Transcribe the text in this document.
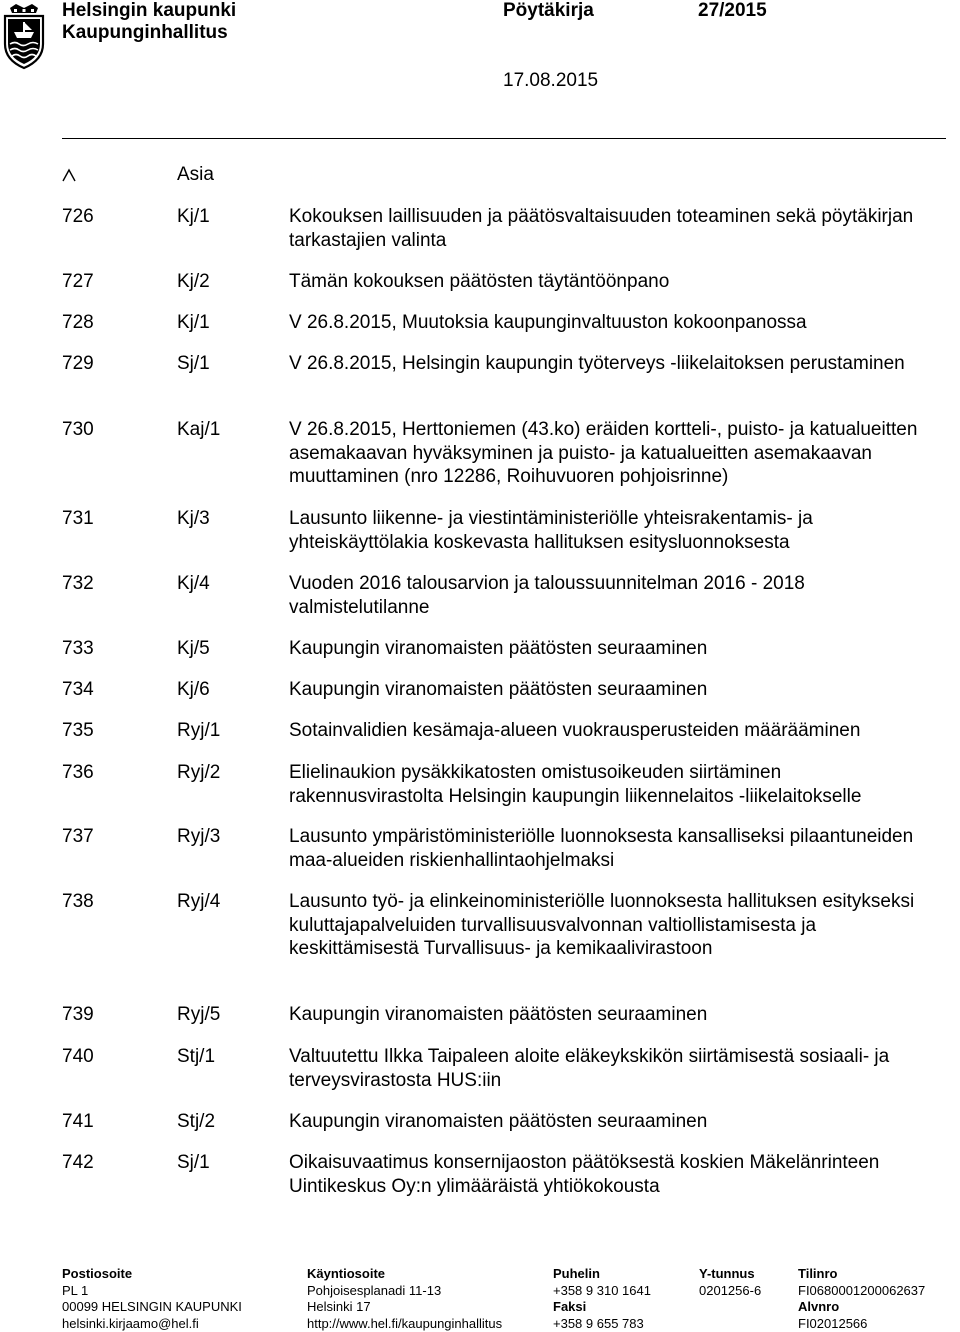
Helsingin kaupunki
Kaupunginhallitus
Pöytäkirja	27/2015
17.08.2015
Asia
726	Kj/1	Kokouksen laillisuuden ja päätösvaltaisuuden toteaminen sekä pöytäkirjan tarkastajien valinta
727	Kj/2	Tämän kokouksen päätösten täytäntöönpano
728	Kj/1	V 26.8.2015, Muutoksia kaupunginvaltuuston kokoonpanossa
729	Sj/1	V 26.8.2015, Helsingin kaupungin työterveys -liikelaitoksen perustaminen
730	Kaj/1	V 26.8.2015, Herttoniemen (43.ko) eräiden kortteli-, puisto- ja katualueitten asemakaavan hyväksyminen ja puisto- ja katualueitten asemakaavan muuttaminen (nro 12286, Roihuvuoren pohjoisrinne)
731	Kj/3	Lausunto liikenne- ja viestintäministeriölle yhteisrakentamis- ja yhteiskäyttölakia koskevasta hallituksen esitysluonnoksesta
732	Kj/4	Vuoden 2016 talousarvion ja taloussuunnitelman 2016 - 2018 valmistelutilanne
733	Kj/5	Kaupungin viranomaisten päätösten seuraaminen
734	Kj/6	Kaupungin viranomaisten päätösten seuraaminen
735	Ryj/1	Sotainvalidien kesämaja-alueen vuokrausperusteiden määrääminen
736	Ryj/2	Elielinaukion pysäkkikatosten omistusoikeuden siirtäminen rakennusvirastolta Helsingin kaupungin liikennelaitos -liikelaitokselle
737	Ryj/3	Lausunto ympäristöministeriölle luonnoksesta kansalliseksi pilaantuneiden maa-alueiden riskienhallintaohjelmaksi
738	Ryj/4	Lausunto työ- ja elinkeinoministeriölle luonnoksesta hallituksen esitykseksi kuluttajapalveluiden turvallisuusvalvonnan valtiollistamisesta ja keskittämisestä Turvallisuus- ja kemikaalivirastoon
739	Ryj/5	Kaupungin viranomaisten päätösten seuraaminen
740	Stj/1	Valtuutettu Ilkka Taipaleen aloite eläkeykskikön siirtämisestä sosiaali- ja terveysvirastosta HUS:iin
741	Stj/2	Kaupungin viranomaisten päätösten seuraaminen
742	Sj/1	Oikaisuvaatimus konsernijaoston päätöksestä koskien Mäkelänrinteen Uintikeskus Oy:n ylimääräistä yhtiökokousta
Postiosoite
PL 1
00099 HELSINGIN KAUPUNKI
helsinki.kirjaamo@hel.fi
Käyntiosoite
Pohjoisesplanadi 11-13
Helsinki 17
http://www.hel.fi/kaupunginhallitus
Puhelin
+358 9 310 1641
Faksi
+358 9 655 783
Y-tunnus
0201256-6
Tilinro
FI0680001200062637
Alvnro
FI02012566
